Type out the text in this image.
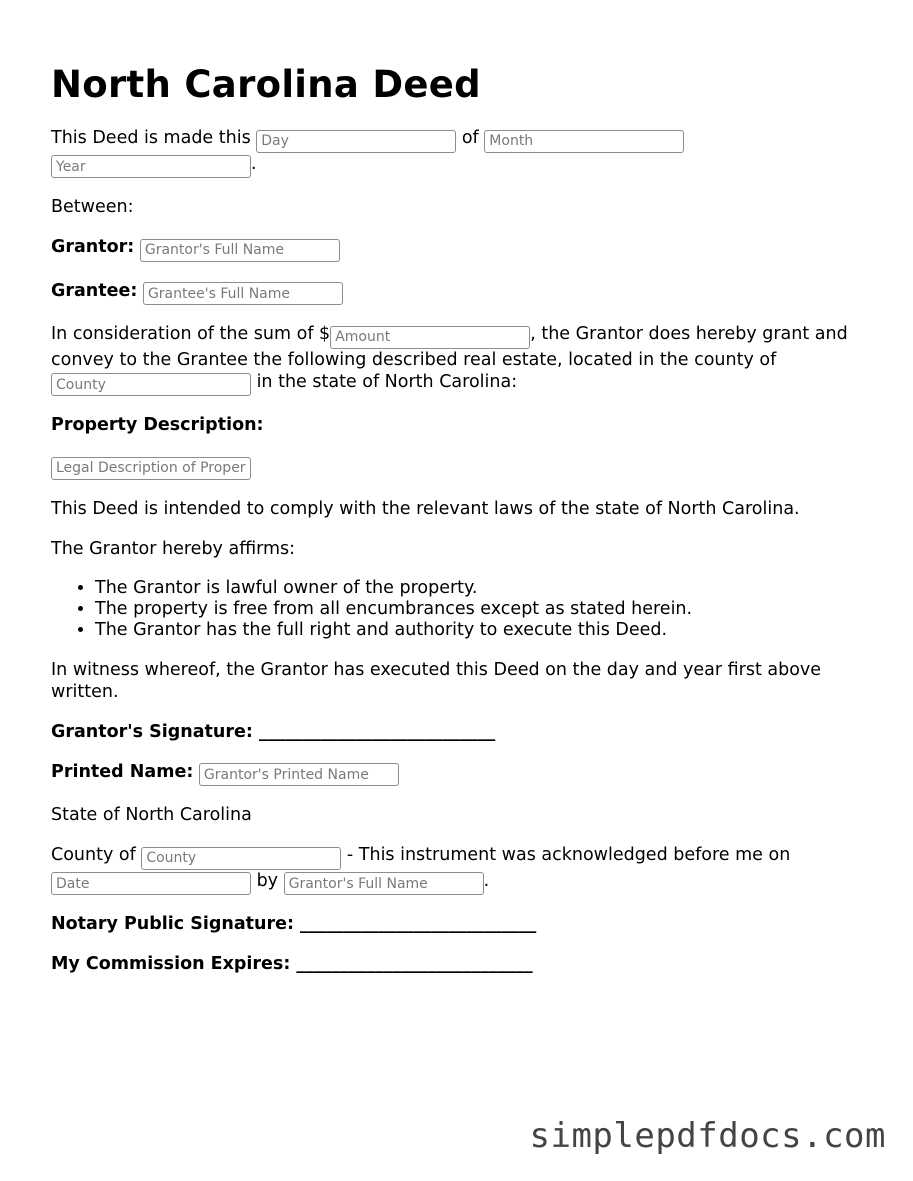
North Carolina Deed

This Deed is made this Day	of Month
Year.

Between:

Grantor: Grantor's Full Name

Grantee: Grantee's Full Name

In consideration of the sum of $Amount	, the Grantor does hereby grant and convey to the Grantee the following described real estate, located in the county of
County in the state of North Carolina:

Property Description:

Legal Description of Property

This Deed is intended to comply with the relevant laws of the state of North Carolina.

The Grantor hereby affirms:

• The Grantor is lawful owner of the property.
• The property is free from all encumbrances except as stated herein.
• The Grantor has the full right and authority to execute this Deed.

In witness whereof, the Grantor has executed this Deed on the day and year first above written.

Grantor's Signature: ___________________________

Printed Name: Grantor's Printed Name

State of North Carolina

County of County	- This instrument was acknowledged before me on
Date by Grantor's Full Name	.

Notary Public Signature: ___________________________

My Commission Expires: ___________________________

simplepdfdocs.com
